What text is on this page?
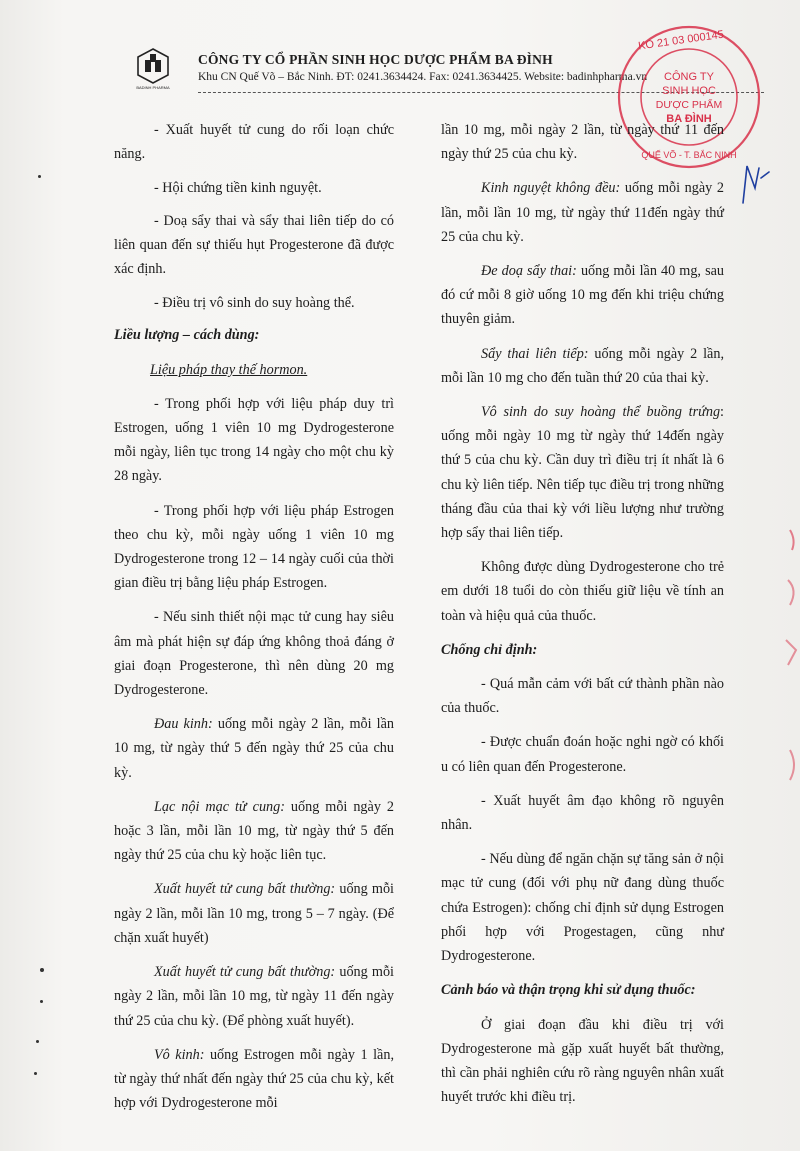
BADINH PHARMA
CÔNG TY CỔ PHẦN SINH HỌC DƯỢC PHẨM BA ĐÌNH
Khu CN Quế Võ – Bắc Ninh. ĐT: 0241.3634424. Fax: 0241.3634425. Website: badinhpharma.vn
KO 21 03 000145
CÔNG TY
SINH HỌC
DƯỢC PHẨM
BA ĐÌNH
QUẾ VÕ - T. BẮC NINH

- Xuất huyết tử cung do rối loạn chức năng.

- Hội chứng tiền kinh nguyệt.

- Doạ sẩy thai và sẩy thai liên tiếp do có liên quan đến sự thiếu hụt Progesterone đã được xác định.

- Điều trị vô sinh do suy hoàng thể.

Liều lượng – cách dùng:

Liệu pháp thay thế hormon.

- Trong phối hợp với liệu pháp duy trì Estrogen, uống 1 viên 10 mg Dydrogesterone mỗi ngày, liên tục trong 14 ngày cho một chu kỳ 28 ngày.

- Trong phối hợp với liệu pháp Estrogen theo chu kỳ, mỗi ngày uống 1 viên 10 mg Dydrogesterone trong 12 – 14 ngày cuối của thời gian điều trị bằng liệu pháp Estrogen.

- Nếu sinh thiết nội mạc tử cung hay siêu âm mà phát hiện sự đáp ứng không thoả đáng ở giai đoạn Progesterone, thì nên dùng 20 mg Dydrogesterone.

Đau kinh: uống mỗi ngày 2 lần, mỗi lần 10 mg, từ ngày thứ 5 đến ngày thứ 25 của chu kỳ.

Lạc nội mạc tử cung: uống mỗi ngày 2 hoặc 3 lần, mỗi lần 10 mg, từ ngày thứ 5 đến ngày thứ 25 của chu kỳ hoặc liên tục.

Xuất huyết tử cung bất thường: uống mỗi ngày 2 lần, mỗi lần 10 mg, trong 5 – 7 ngày. (Để chặn xuất huyết)

Xuất huyết tử cung bất thường: uống mỗi ngày 2 lần, mỗi lần 10 mg, từ ngày 11 đến ngày thứ 25 của chu kỳ. (Để phòng xuất huyết).

Vô kinh: uống Estrogen mỗi ngày 1 lần, từ ngày thứ nhất đến ngày thứ 25 của chu kỳ, kết hợp với Dydrogesterone mỗi

lần 10 mg, mỗi ngày 2 lần, từ ngày thứ 11 đến ngày thứ 25 của chu kỳ.

Kinh nguyệt không đều: uống mỗi ngày 2 lần, mỗi lần 10 mg, từ ngày thứ 11đến ngày thứ 25 của chu kỳ.

Đe doạ sẩy thai: uống mỗi lần 40 mg, sau đó cứ mỗi 8 giờ uống 10 mg đến khi triệu chứng thuyên giảm.

Sẩy thai liên tiếp: uống mỗi ngày 2 lần, mỗi lần 10 mg cho đến tuần thứ 20 của thai kỳ.

Vô sinh do suy hoàng thể buồng trứng: uống mỗi ngày 10 mg từ ngày thứ 14đến ngày thứ 5 của chu kỳ. Cần duy trì điều trị ít nhất là 6 chu kỳ liên tiếp. Nên tiếp tục điều trị trong những tháng đầu của thai kỳ với liều lượng như trường hợp sẩy thai liên tiếp.

Không được dùng Dydrogesterone cho trẻ em dưới 18 tuổi do còn thiếu giữ liệu về tính an toàn và hiệu quả của thuốc.

Chống chỉ định:

- Quá mẫn cảm với bất cứ thành phần nào của thuốc.

- Được chuẩn đoán hoặc nghi ngờ có khối u có liên quan đến Progesterone.

- Xuất huyết âm đạo không rõ nguyên nhân.

- Nếu dùng để ngăn chặn sự tăng sản ở nội mạc tử cung (đối với phụ nữ đang dùng thuốc chứa Estrogen): chống chỉ định sử dụng Estrogen phối hợp với Progestagen, cũng như Dydrogesterone.

Cảnh báo và thận trọng khi sử dụng thuốc:

Ở giai đoạn đầu khi điều trị với Dydrogesterone mà gặp xuất huyết bất thường, thì cần phải nghiên cứu rõ ràng nguyên nhân xuất huyết trước khi điều trị.
